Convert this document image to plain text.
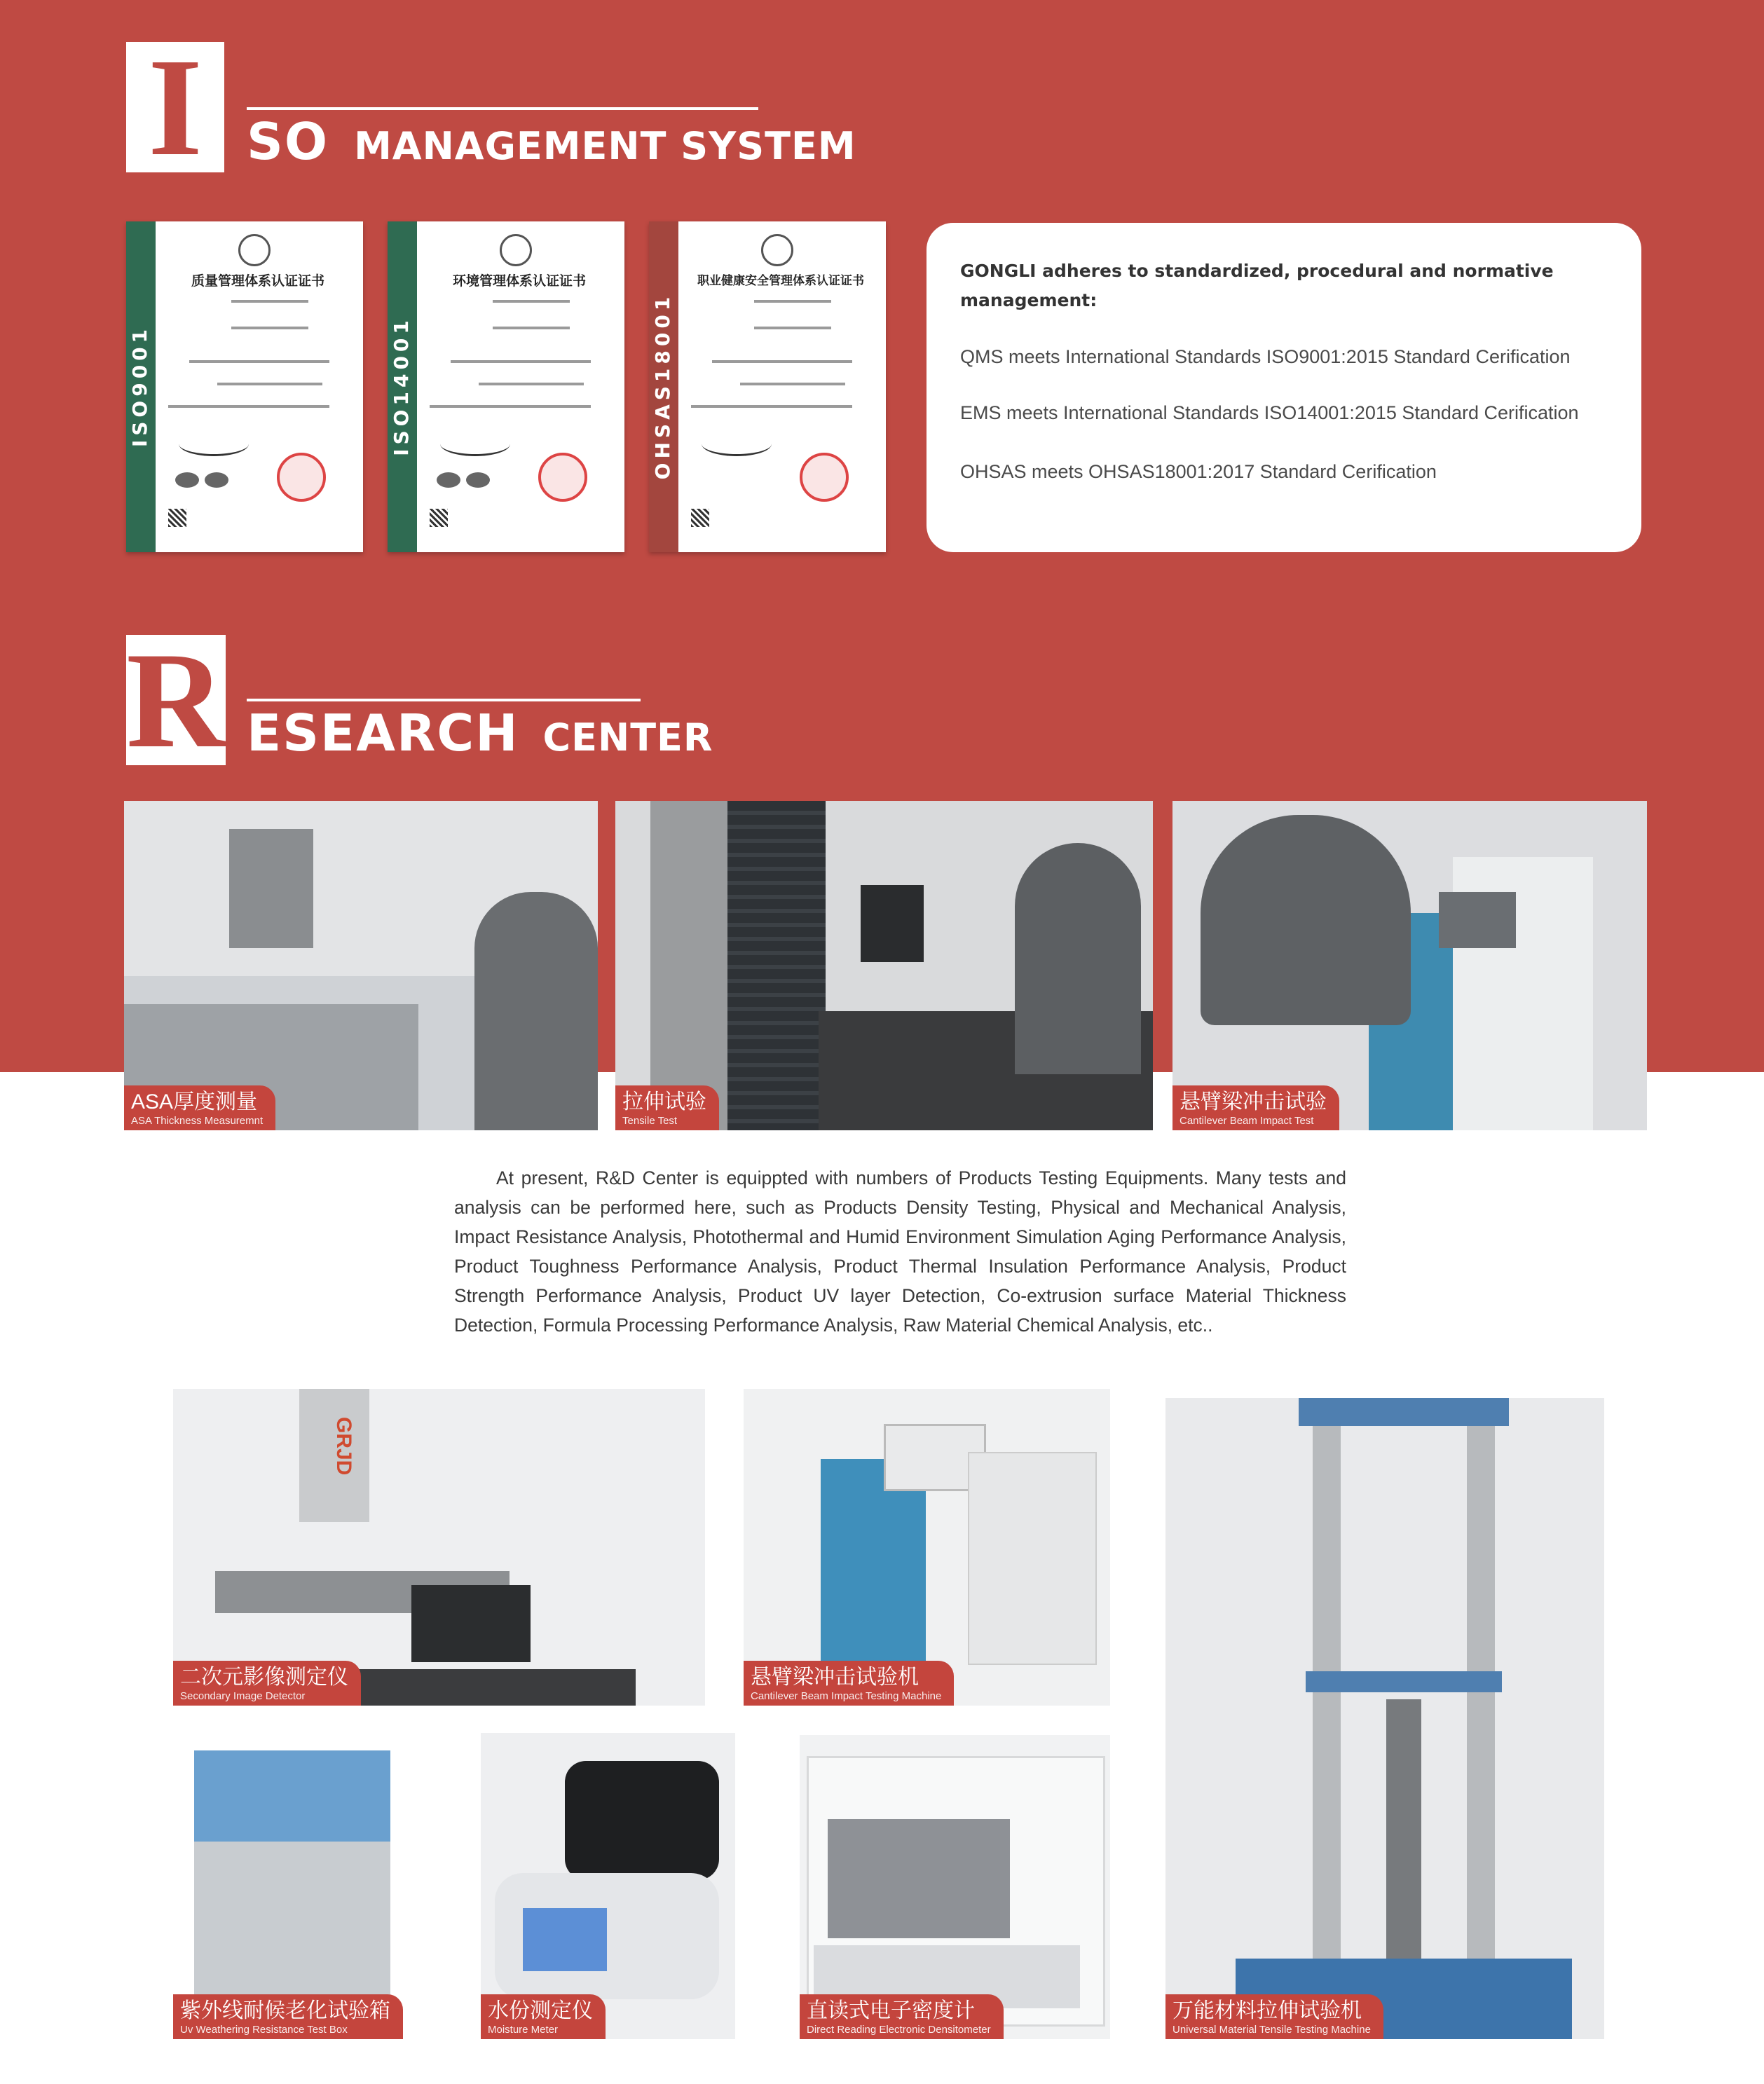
I SO MANAGEMENT SYSTEM
ISO9001
质量管理体系认证证书
ISO14001
环境管理体系认证证书
OHSAS18001
职业健康安全管理体系认证证书	GONGLI adheres to standardized, procedural and normative management:
QMS meets International Standards ISO9001:2015 Standard Cerification
EMS meets International Standards ISO14001:2015 Standard Cerification
OHSAS meets OHSAS18001:2017 Standard Cerification
R ESEARCH CENTER
ASA厚度测量
ASA Thickness Measuremnt
拉伸试验
Tensile Test
悬臂梁冲击试验
Cantilever Beam Impact Test
At present, R&D Center is equippted with numbers of Products Testing Equipments. Many tests and analysis can be performed here, such as Products Density Testing, Physical and Mechanical Analysis, Impact Resistance Analysis, Photothermal and Humid Environment Simulation Aging Performance Analysis, Product Toughness Performance Analysis, Product Thermal Insulation Performance Analysis, Product Strength Performance Analysis, Product UV layer Detection, Co-extrusion surface Material Thickness Detection, Formula Processing Performance Analysis, Raw Material Chemical Analysis, etc..
GRJD
二次元影像测定仪
Secondary Image Detector
悬臂梁冲击试验机
Cantilever Beam Impact Testing Machine
紫外线耐候老化试验箱
Uv Weathering Resistance Test Box
水份测定仪
Moisture Meter
直读式电子密度计
Direct Reading Electronic Densitometer
万能材料拉伸试验机
Universal Material Tensile Testing Machine
